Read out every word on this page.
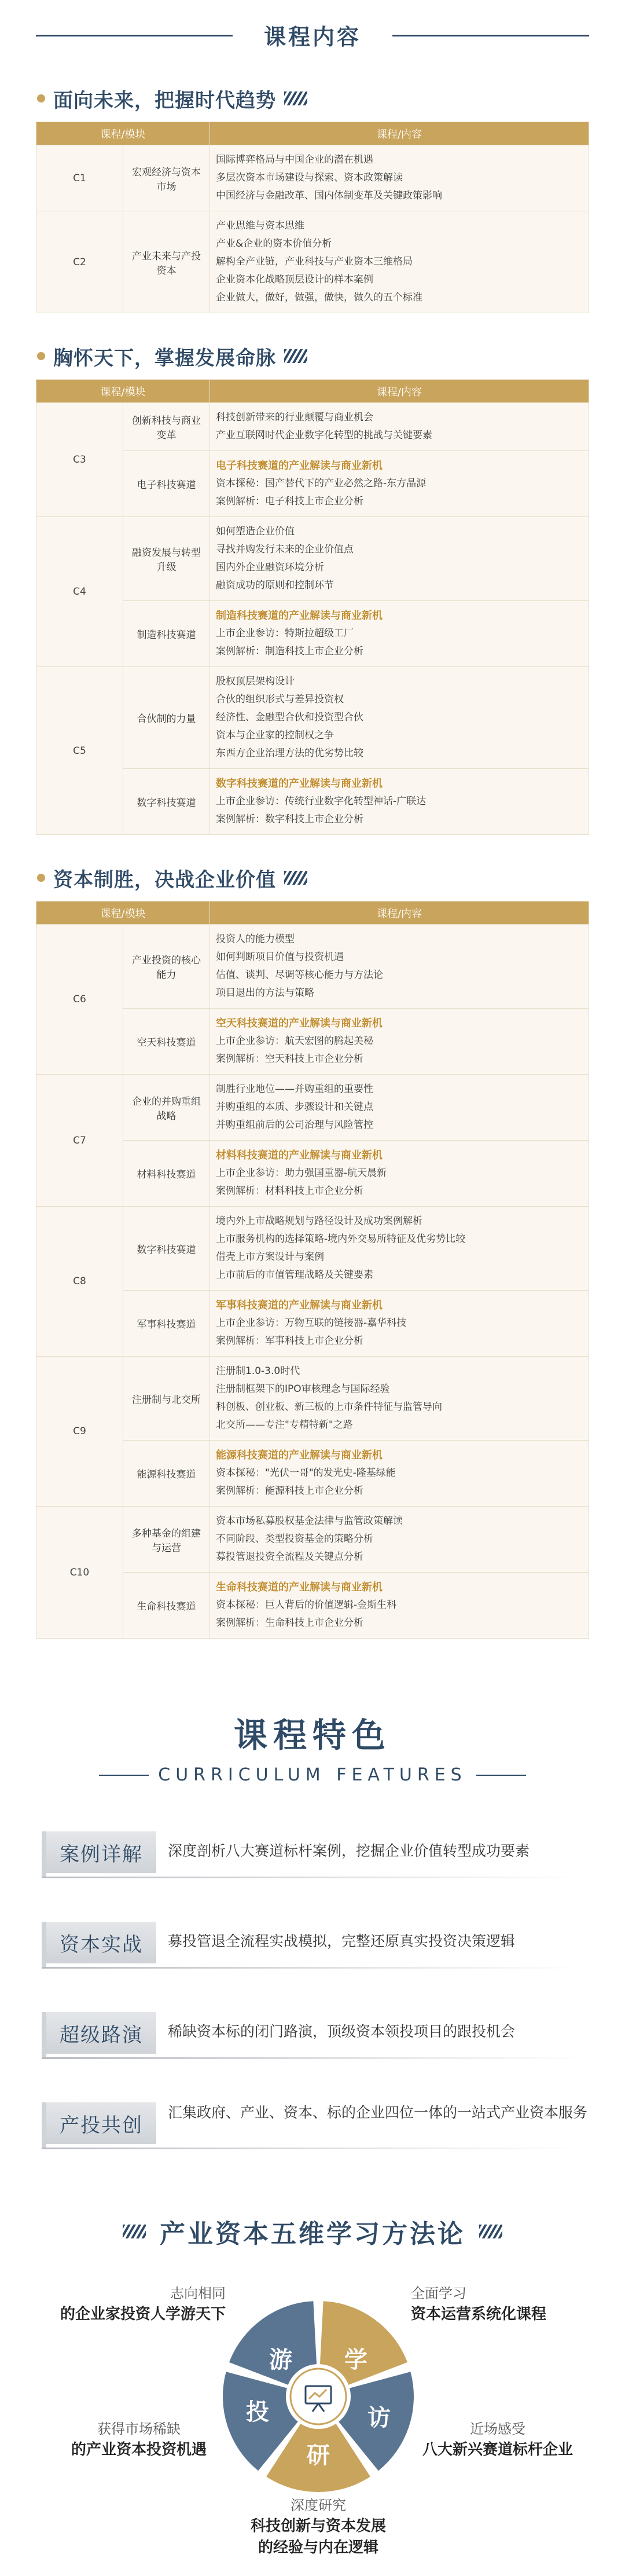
课程内容
面向未来，把握时代趋势
课程/模块		课程/内容
C1	宏观经济与资本市场	国际博弈格局与中国企业的潜在机遇
多层次资本市场建设与探索、资本政策解读
中国经济与金融改革、国内体制变革及关键政策影响

C2	产业未来与产投资本	产业思维与资本思维
产业&企业的资本价值分析
解构全产业链，产业科技与产业资本三维格局
企业资本化战略顶层设计的样本案例
企业做大，做好，做强，做快，做久的五个标准
胸怀天下，掌握发展命脉
课程/模块		课程/内容
C3	创新科技与商业变革	科技创新带来的行业颠覆与商业机会
产业互联网时代企业数字化转型的挑战与关键要素

	电子科技赛道	电子科技赛道的产业解读与商业新机
资本探秘：国产替代下的产业必然之路-东方晶源
案例解析：电子科技上市企业分析

C4	融资发展与转型升级	如何塑造企业价值
寻找并购发行未来的企业价值点
国内外企业融资环境分析
融资成功的原则和控制环节

	制造科技赛道	制造科技赛道的产业解读与商业新机
上市企业参访：特斯拉超级工厂
案例解析：制造科技上市企业分析

C5	合伙制的力量	股权顶层架构设计
合伙的组织形式与差异投资权
经济性、金融型合伙和投资型合伙
资本与企业家的控制权之争
东西方企业治理方法的优劣势比较

	数字科技赛道	数字科技赛道的产业解读与商业新机
上市企业参访：传统行业数字化转型神话-广联达
案例解析：数字科技上市企业分析
资本制胜，决战企业价值
课程/模块		课程/内容
C6	产业投资的核心能力	投资人的能力模型
如何判断项目价值与投资机遇
估值、谈判、尽调等核心能力与方法论
项目退出的方法与策略

	空天科技赛道	空天科技赛道的产业解读与商业新机
上市企业参访：航天宏图的腾起美秘
案例解析：空天科技上市企业分析

C7	企业的并购重组战略	制胜行业地位——并购重组的重要性
并购重组的本质、步骤设计和关键点
并购重组前后的公司治理与风险管控

	材料科技赛道	材料科技赛道的产业解读与商业新机
上市企业参访：助力强国重器-航天晨新
案例解析：材料科技上市企业分析

C8	数字科技赛道	境内外上市战略规划与路径设计及成功案例解析
上市服务机构的选择策略-境内外交易所特征及优劣势比较
借壳上市方案设计与案例
上市前后的市值管理战略及关键要素

	军事科技赛道	军事科技赛道的产业解读与商业新机
上市企业参访：万物互联的链接器-嘉华科技
案例解析：军事科技上市企业分析

C9	注册制与北交所	注册制1.0-3.0时代
注册制框架下的IPO审核理念与国际经验
科创板、创业板、新三板的上市条件特征与监管导向
北交所——专注"专精特新"之路

	能源科技赛道	能源科技赛道的产业解读与商业新机
资本探秘："光伏一哥"的发光史-隆基绿能
案例解析：能源科技上市企业分析

C10	多种基金的组建与运营	资本市场私募股权基金法律与监管政策解读
不同阶段、类型投资基金的策略分析
募投管退投资全流程及关键点分析

	生命科技赛道	生命科技赛道的产业解读与商业新机
资本探秘：巨人背后的价值逻辑-金斯生科
案例解析：生命科技上市企业分析
课程特色
CURRICULUM FEATURES
案例详解	深度剖析八大赛道标杆案例，挖掘企业价值转型成功要素
资本实战	募投管退全流程实战模拟，完整还原真实投资决策逻辑
超级路演	稀缺资本标的闭门路演，顶级资本领投项目的跟投机会
产投共创
汇集政府、产业、资本、标的企业四位一体的一站式产业资本服务
产业资本五维学习方法论
游 学
投	访
研
志向相同
的企业家投资人学游天下
全面学习
资本运营系统化课程
获得市场稀缺
的产业资本投资机遇
近场感受
八大新兴赛道标杆企业
深度研究
科技创新与资本发展
的经验与内在逻辑
